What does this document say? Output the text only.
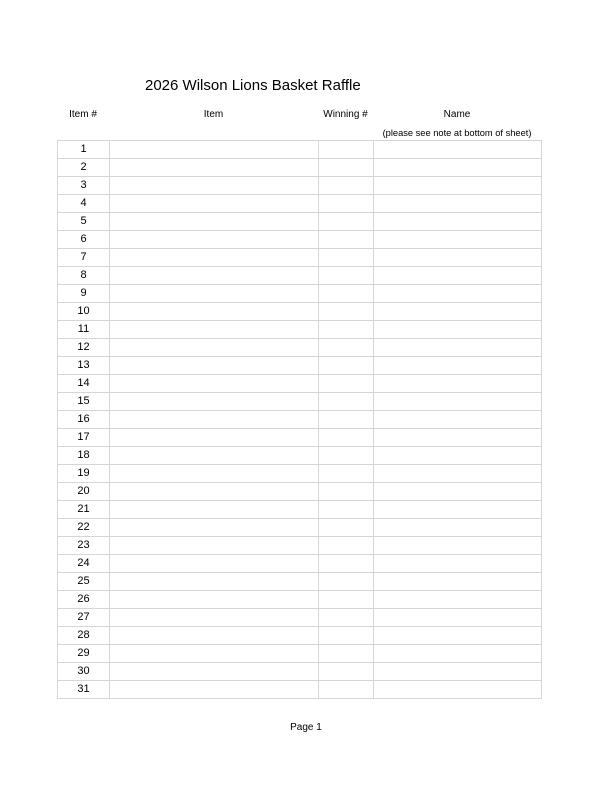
2026 Wilson Lions Basket Raffle
Item #	Item	Winning #	Name
(please see note at bottom of sheet)
1			
2			
3			
4			
5			
6			
7			
8			
9			
10			
11			
12			
13			
14			
15			
16			
17			
18			
19			
20			
21			
22			
23			
24			
25			
26			
27			
28			
29			
30			
31			
Page 1
